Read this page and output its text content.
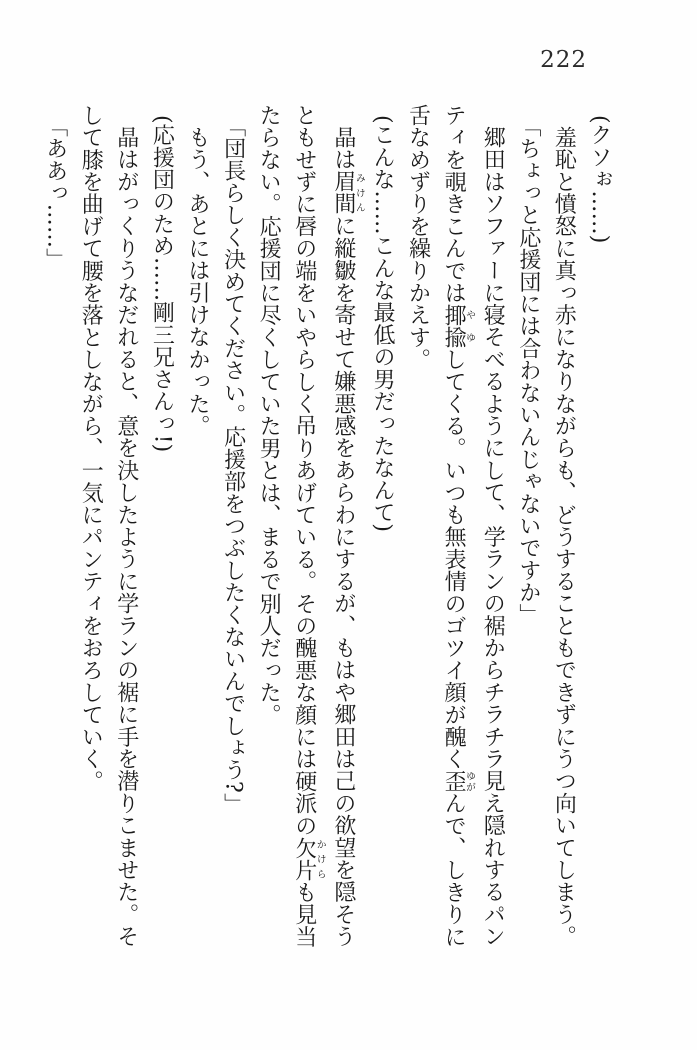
222

(クソぉ……)

羞恥と憤怒に真っ赤になりながらも、どうすることもできずにうつ向いてしまう。

「ちょっと応援団には合わないんじゃないですか」

郷田はソファーに寝そべるようにして、学ランの裾からチラチラ見え隠れするパン

ティを覗きこんでは揶揄やゆしてくる。いつも無表情のゴツイ顔が醜く歪ゆがんで、しきりに

舌なめずりを繰りかえす。

(こんな……こんな最低の男だったなんて)

晶は眉間みけんに縦皺を寄せて嫌悪感をあらわにするが、もはや郷田は己の欲望を隠そう

ともせずに唇の端をいやらしく吊りあげている。その醜悪な顔には硬派の欠片かけらも見当

たらない。応援団に尽くしていた男とは、まるで別人だった。

「団長らしく決めてください。応援部をつぶしたくないんでしょう?」

もう、あとには引けなかった。

(応援団のため……剛三兄さんっ!)

晶はがっくりうなだれると、意を決したように学ランの裾に手を潜りこませた。そ

して膝を曲げて腰を落としながら、一気にパンティをおろしていく。

「ああっ……」
